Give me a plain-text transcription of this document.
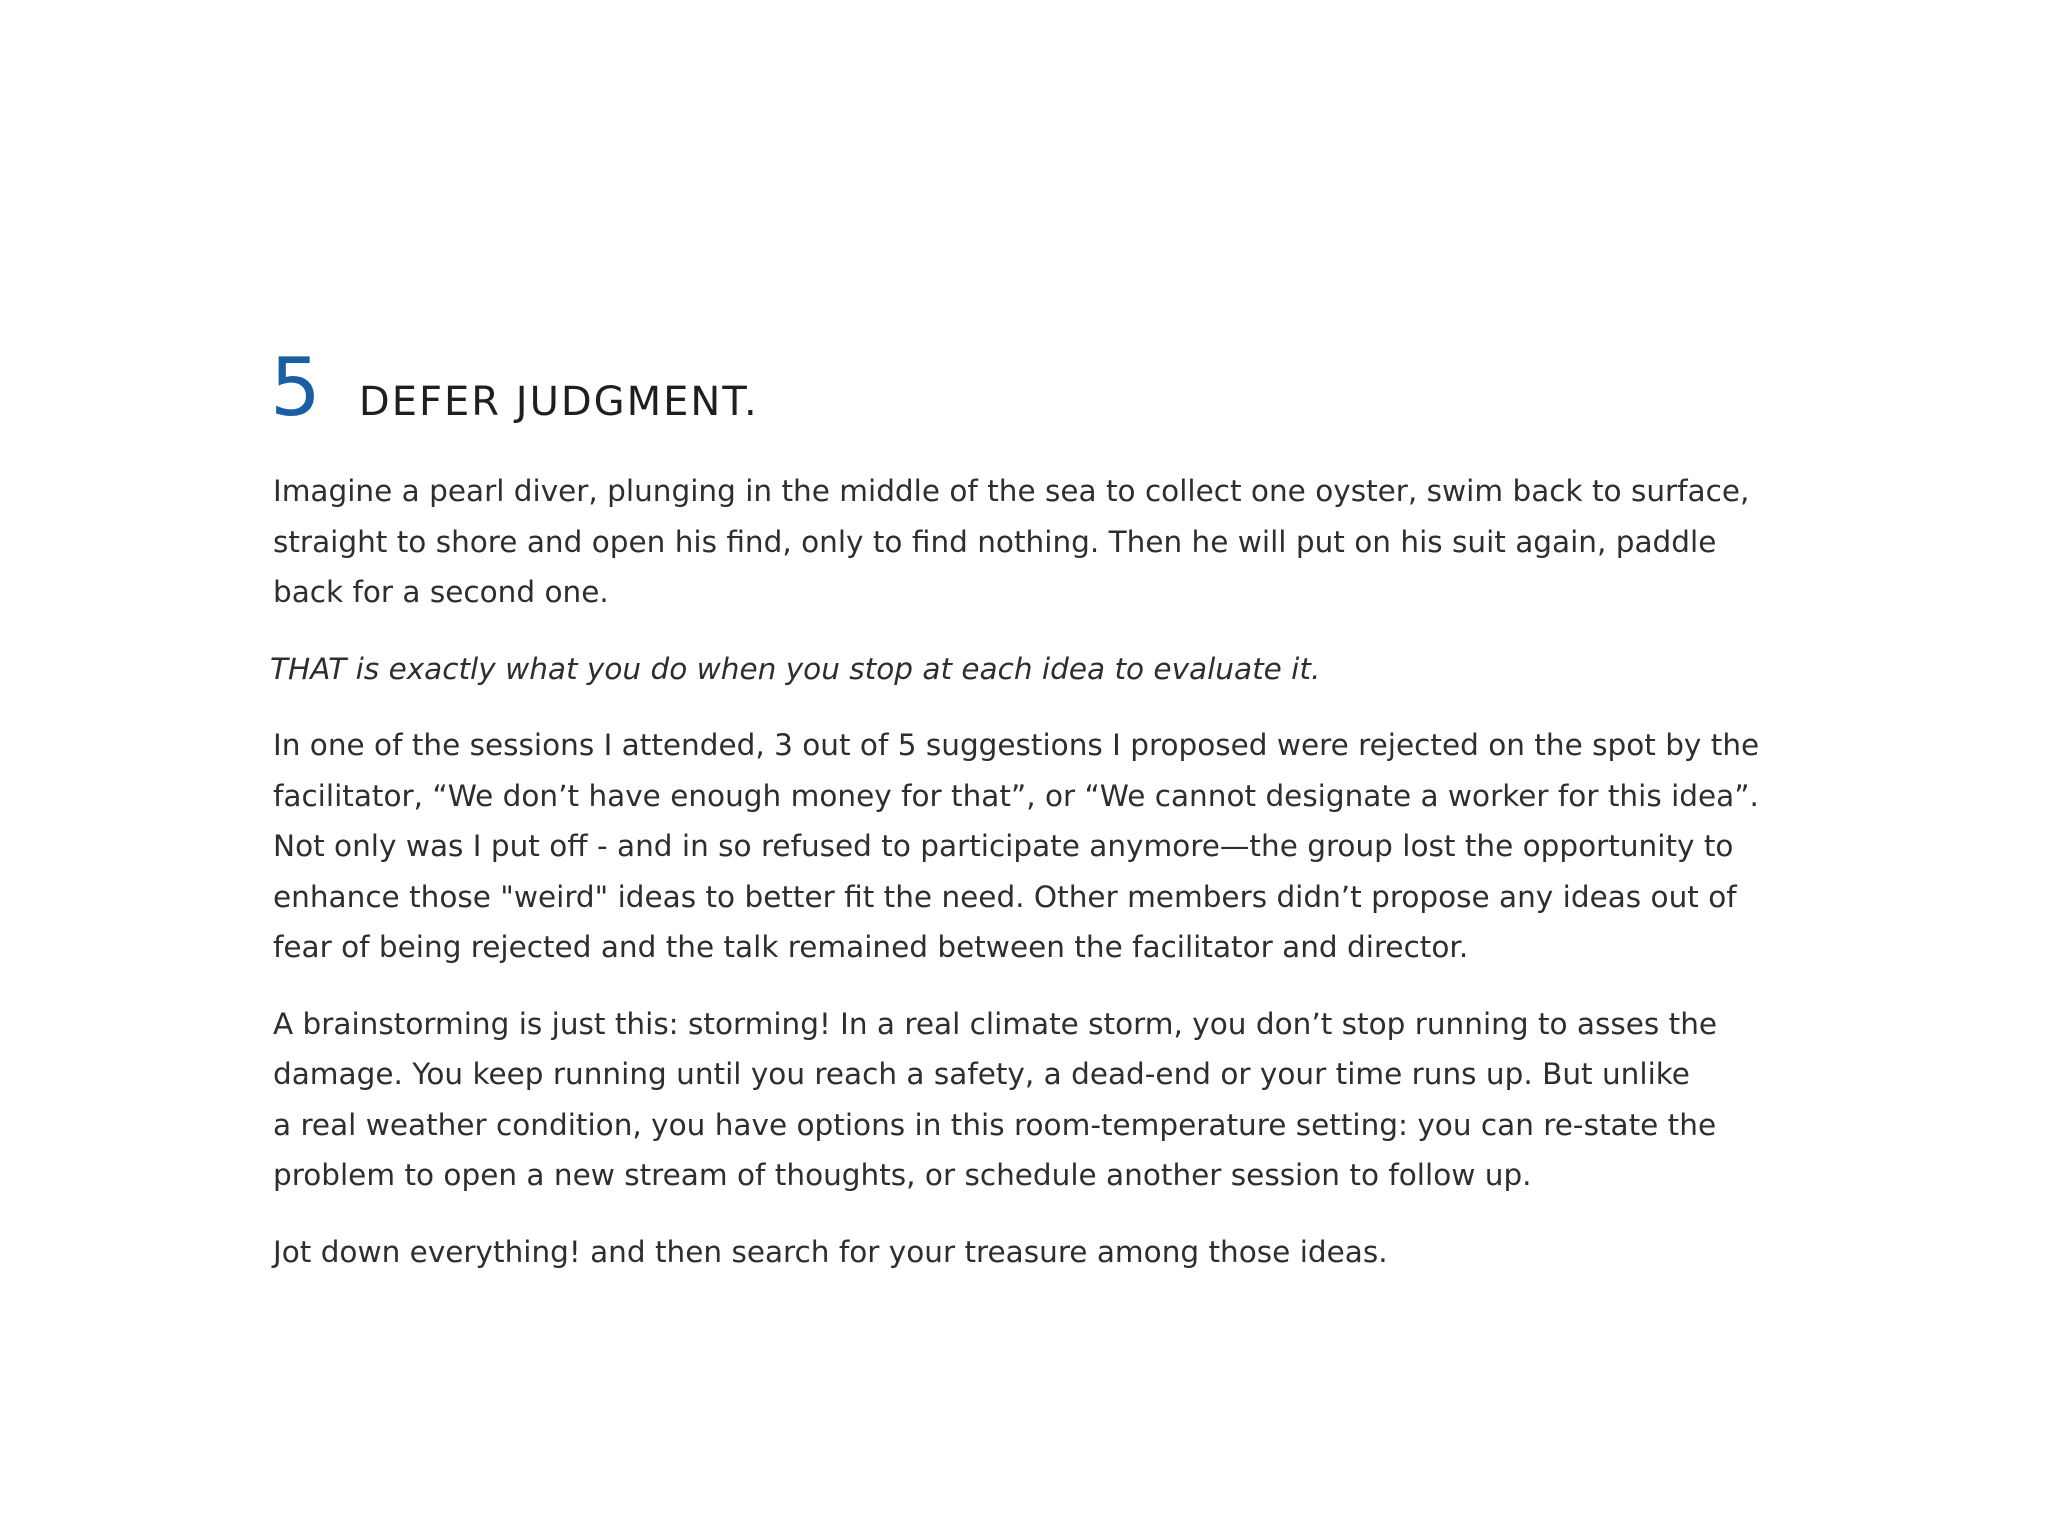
5 DEFER JUDGMENT.

Imagine a pearl diver, plunging in the middle of the sea to collect one oyster, swim back to surface,
straight to shore and open his find, only to find nothing. Then he will put on his suit again, paddle
back for a second one.

THAT is exactly what you do when you stop at each idea to evaluate it.

In one of the sessions I attended, 3 out of 5 suggestions I proposed were rejected on the spot by the
facilitator, “We don’t have enough money for that”, or “We cannot designate a worker for this idea”.
Not only was I put off - and in so refused to participate anymore—the group lost the opportunity to
enhance those "weird" ideas to better fit the need. Other members didn’t propose any ideas out of
fear of being rejected and the talk remained between the facilitator and director.

A brainstorming is just this: storming! In a real climate storm, you don’t stop running to asses the
damage. You keep running until you reach a safety, a dead-end or your time runs up. But unlike
a real weather condition, you have options in this room-temperature setting: you can re-state the
problem to open a new stream of thoughts, or schedule another session to follow up.

Jot down everything! and then search for your treasure among those ideas.
